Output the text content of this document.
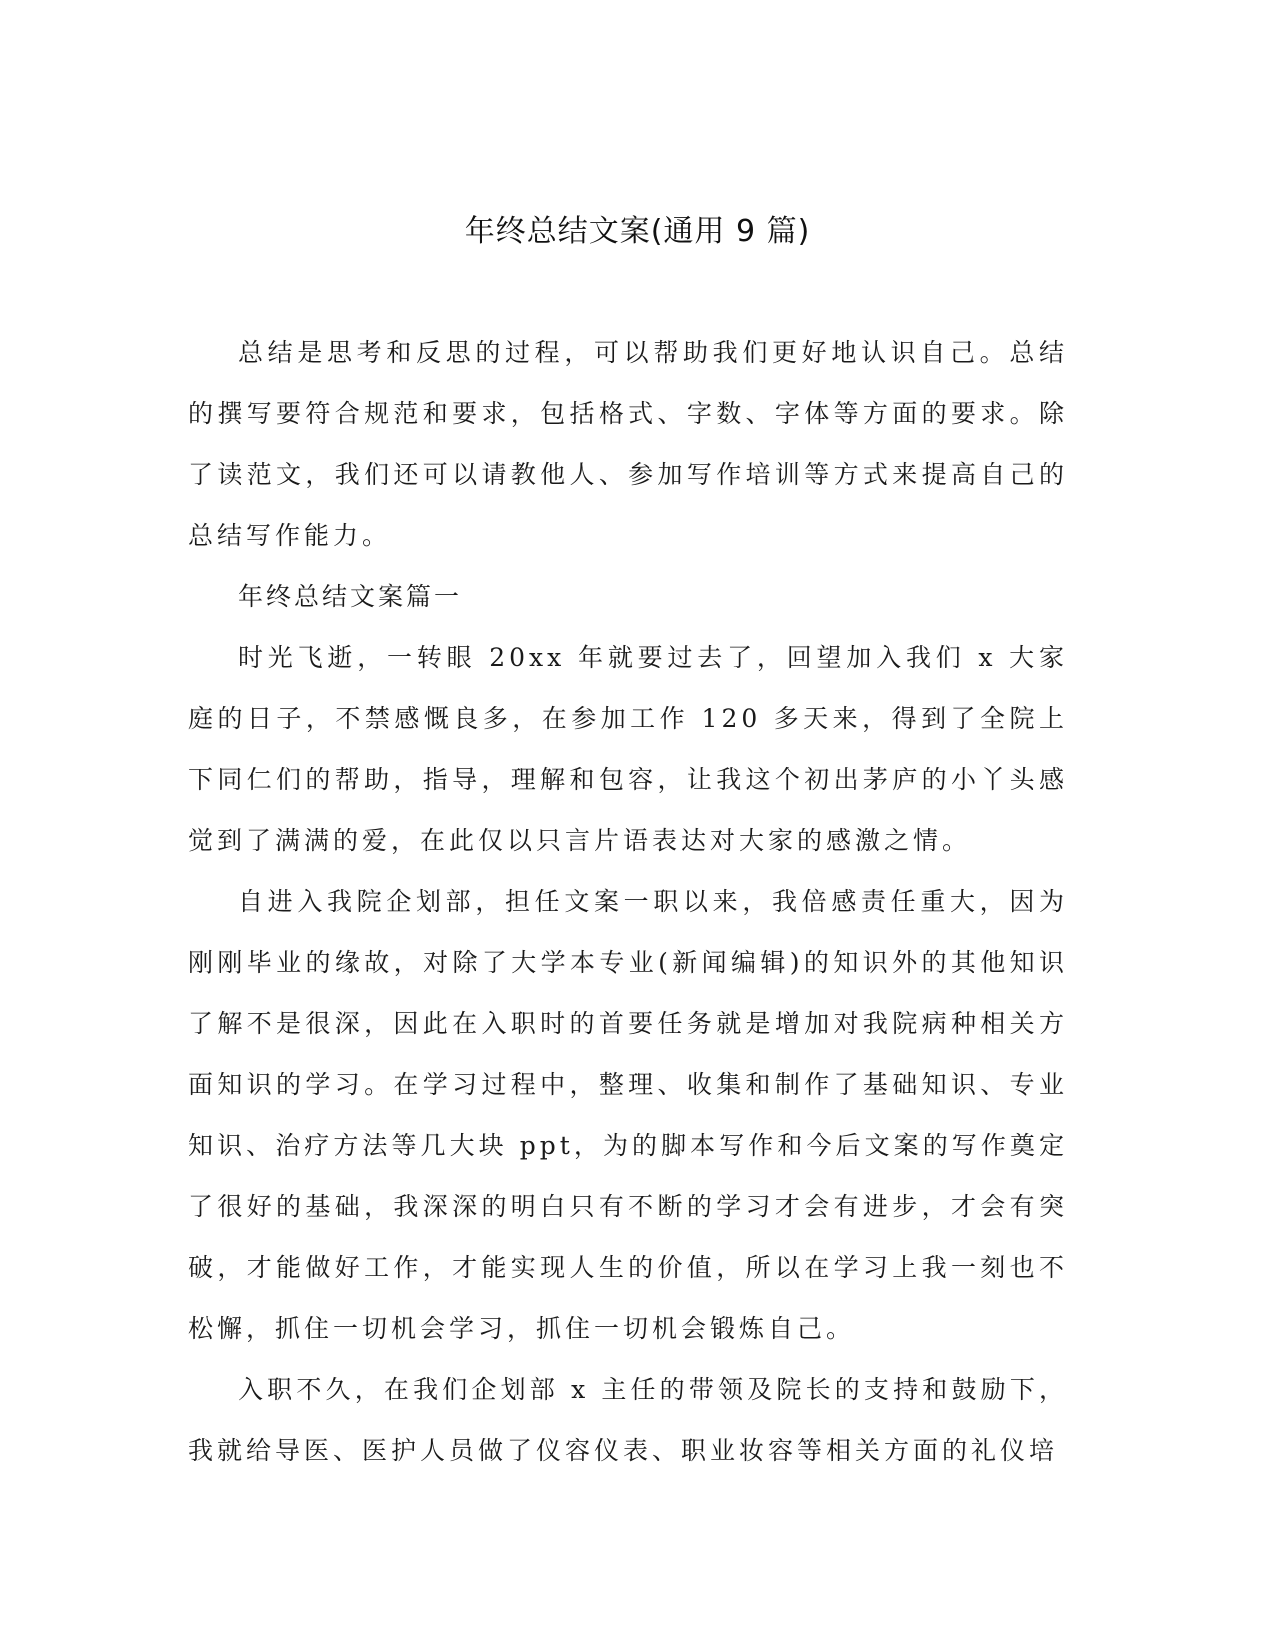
年终总结文案(通用 9 篇)

总结是思考和反思的过程，可以帮助我们更好地认识自己。总结的撰写要符合规范和要求，包括格式、字数、字体等方面的要求。除了读范文，我们还可以请教他人、参加写作培训等方式来提高自己的总结写作能力。

年终总结文案篇一

时光飞逝，一转眼 20xx 年就要过去了，回望加入我们 x 大家庭的日子，不禁感慨良多，在参加工作 120 多天来，得到了全院上下同仁们的帮助，指导，理解和包容，让我这个初出茅庐的小丫头感觉到了满满的爱，在此仅以只言片语表达对大家的感激之情。

自进入我院企划部，担任文案一职以来，我倍感责任重大，因为刚刚毕业的缘故，对除了大学本专业(新闻编辑)的知识外的其他知识了解不是很深，因此在入职时的首要任务就是增加对我院病种相关方面知识的学习。在学习过程中，整理、收集和制作了基础知识、专业知识、治疗方法等几大块 ppt，为的脚本写作和今后文案的写作奠定了很好的基础，我深深的明白只有不断的学习才会有进步，才会有突破，才能做好工作，才能实现人生的价值，所以在学习上我一刻也不松懈，抓住一切机会学习，抓住一切机会锻炼自己。

入职不久，在我们企划部 x 主任的带领及院长的支持和鼓励下，我就给导医、医护人员做了仪容仪表、职业妆容等相关方面的礼仪培
